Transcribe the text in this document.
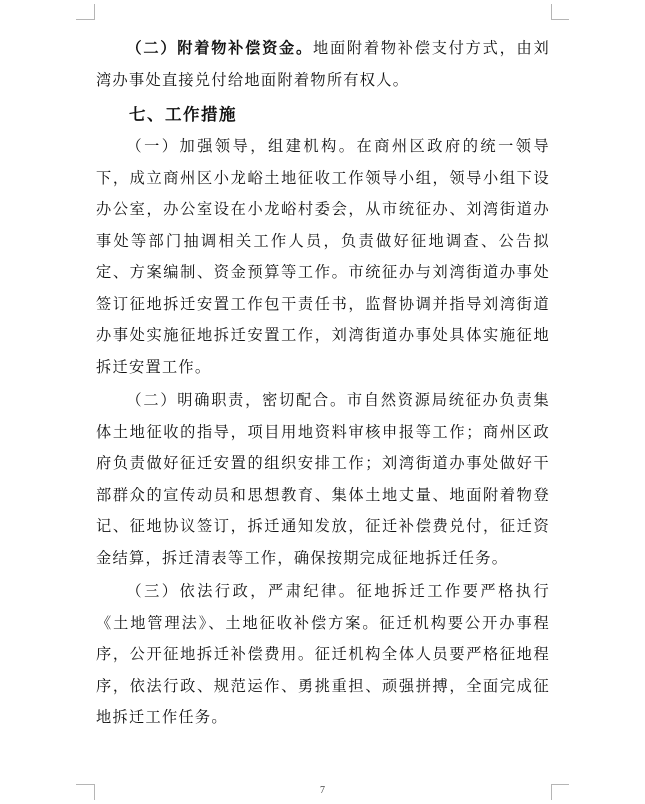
（二）附着物补偿资金。地面附着物补偿支付方式，由刘湾办事处直接兑付给地面附着物所有权人。

七、工作措施

（一）加强领导，组建机构。在商州区政府的统一领导下，成立商州区小龙峪土地征收工作领导小组，领导小组下设办公室，办公室设在小龙峪村委会，从市统征办、刘湾街道办事处等部门抽调相关工作人员，负责做好征地调查、公告拟定、方案编制、资金预算等工作。市统征办与刘湾街道办事处签订征地拆迁安置工作包干责任书，监督协调并指导刘湾街道办事处实施征地拆迁安置工作，刘湾街道办事处具体实施征地拆迁安置工作。

（二）明确职责，密切配合。市自然资源局统征办负责集体土地征收的指导，项目用地资料审核申报等工作；商州区政府负责做好征迁安置的组织安排工作；刘湾街道办事处做好干部群众的宣传动员和思想教育、集体土地丈量、地面附着物登记、征地协议签订，拆迁通知发放，征迁补偿费兑付，征迁资金结算，拆迁清表等工作，确保按期完成征地拆迁任务。

（三）依法行政，严肃纪律。征地拆迁工作要严格执行《土地管理法》、土地征收补偿方案。征迁机构要公开办事程序，公开征地拆迁补偿费用。征迁机构全体人员要严格征地程序，依法行政、规范运作、勇挑重担、顽强拼搏，全面完成征地拆迁工作任务。

7
